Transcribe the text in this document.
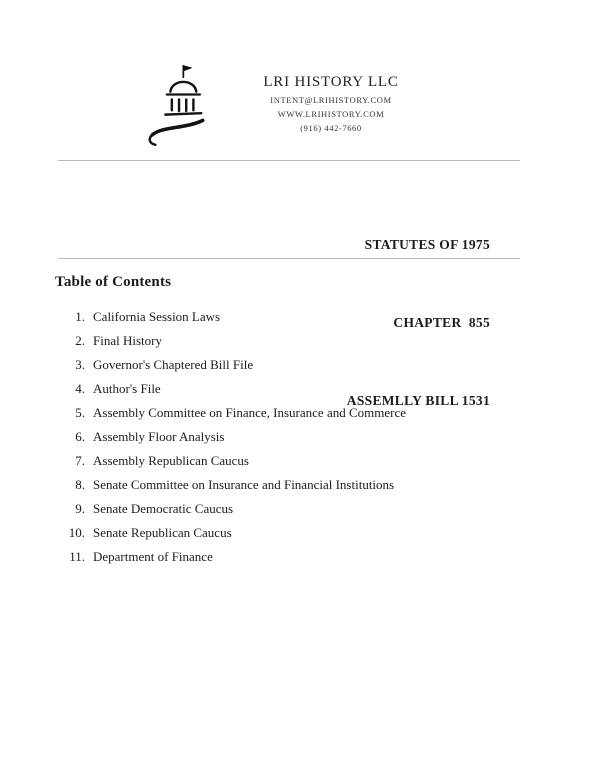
LRI HISTORY LLC
INTENT@LRIHISTORY.COM
WWW.LRIHISTORY.COM
(916) 442-7660

STATUTES OF 1975

CHAPTER  855

ASSEMLLY BILL 1531

Table of Contents
1. California Session Laws
2. Final History
3. Governor's Chaptered Bill File
4. Author's File
5. Assembly Committee on Finance, Insurance and Commerce
6. Assembly Floor Analysis
7. Assembly Republican Caucus
8. Senate Committee on Insurance and Financial Institutions
9. Senate Democratic Caucus
10. Senate Republican Caucus
11. Department of Finance
